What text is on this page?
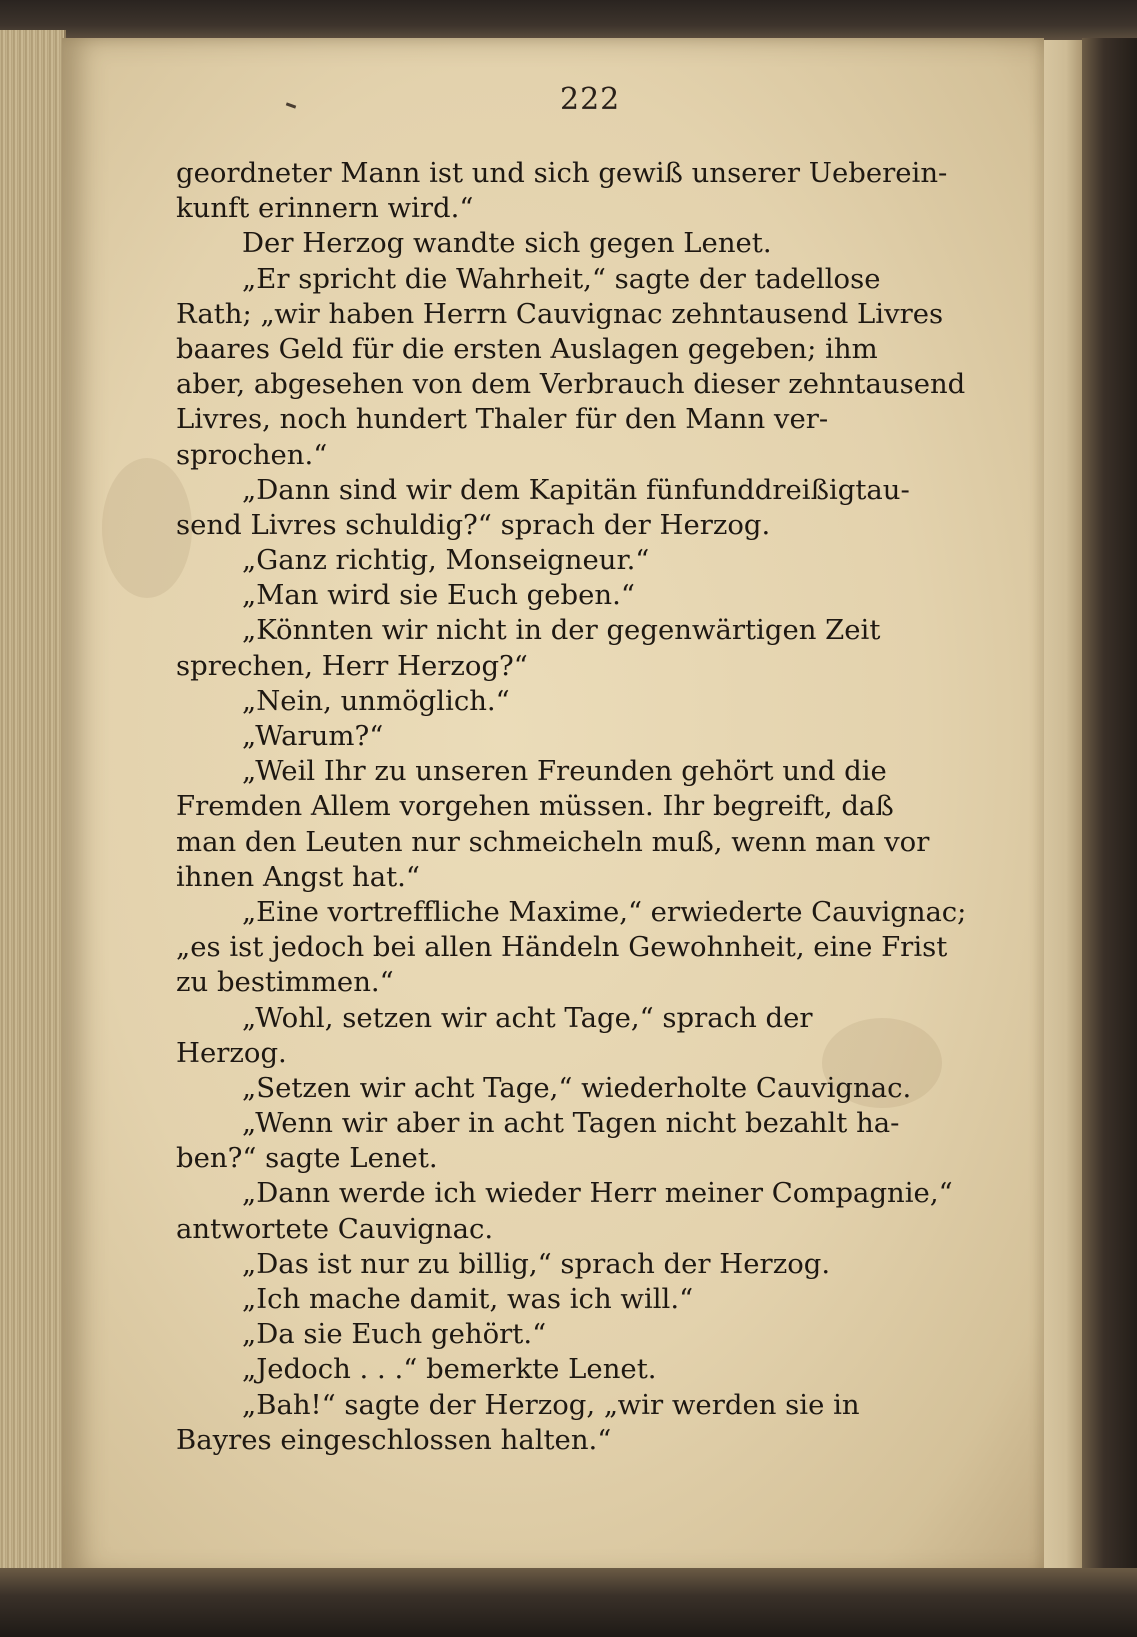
222
geordneter Mann ist und sich gewiß unserer Ueberein-
kunft erinnern wird.“
Der Herzog wandte sich gegen Lenet.
„Er spricht die Wahrheit,“ sagte der tadellose
Rath; „wir haben Herrn Cauvignac zehntausend Livres
baares Geld für die ersten Auslagen gegeben; ihm
aber, abgesehen von dem Verbrauch dieser zehntausend
Livres, noch hundert Thaler für den Mann ver-
sprochen.“
„Dann sind wir dem Kapitän fünfunddreißigtau-
send Livres schuldig?“ sprach der Herzog.
„Ganz richtig, Monseigneur.“
„Man wird sie Euch geben.“
„Könnten wir nicht in der gegenwärtigen Zeit
sprechen, Herr Herzog?“
„Nein, unmöglich.“
„Warum?“
„Weil Ihr zu unseren Freunden gehört und die
Fremden Allem vorgehen müssen. Ihr begreift, daß
man den Leuten nur schmeicheln muß, wenn man vor
ihnen Angst hat.“
„Eine vortreffliche Maxime,“ erwiederte Cauvignac;
„es ist jedoch bei allen Händeln Gewohnheit, eine Frist
zu bestimmen.“
„Wohl, setzen wir acht Tage,“ sprach der
Herzog.
„Setzen wir acht Tage,“ wiederholte Cauvignac.
„Wenn wir aber in acht Tagen nicht bezahlt ha-
ben?“ sagte Lenet.
„Dann werde ich wieder Herr meiner Compagnie,“
antwortete Cauvignac.
„Das ist nur zu billig,“ sprach der Herzog.
„Ich mache damit, was ich will.“
„Da sie Euch gehört.“
„Jedoch . . .“ bemerkte Lenet.
„Bah!“ sagte der Herzog, „wir werden sie in
Bayres eingeschlossen halten.“
